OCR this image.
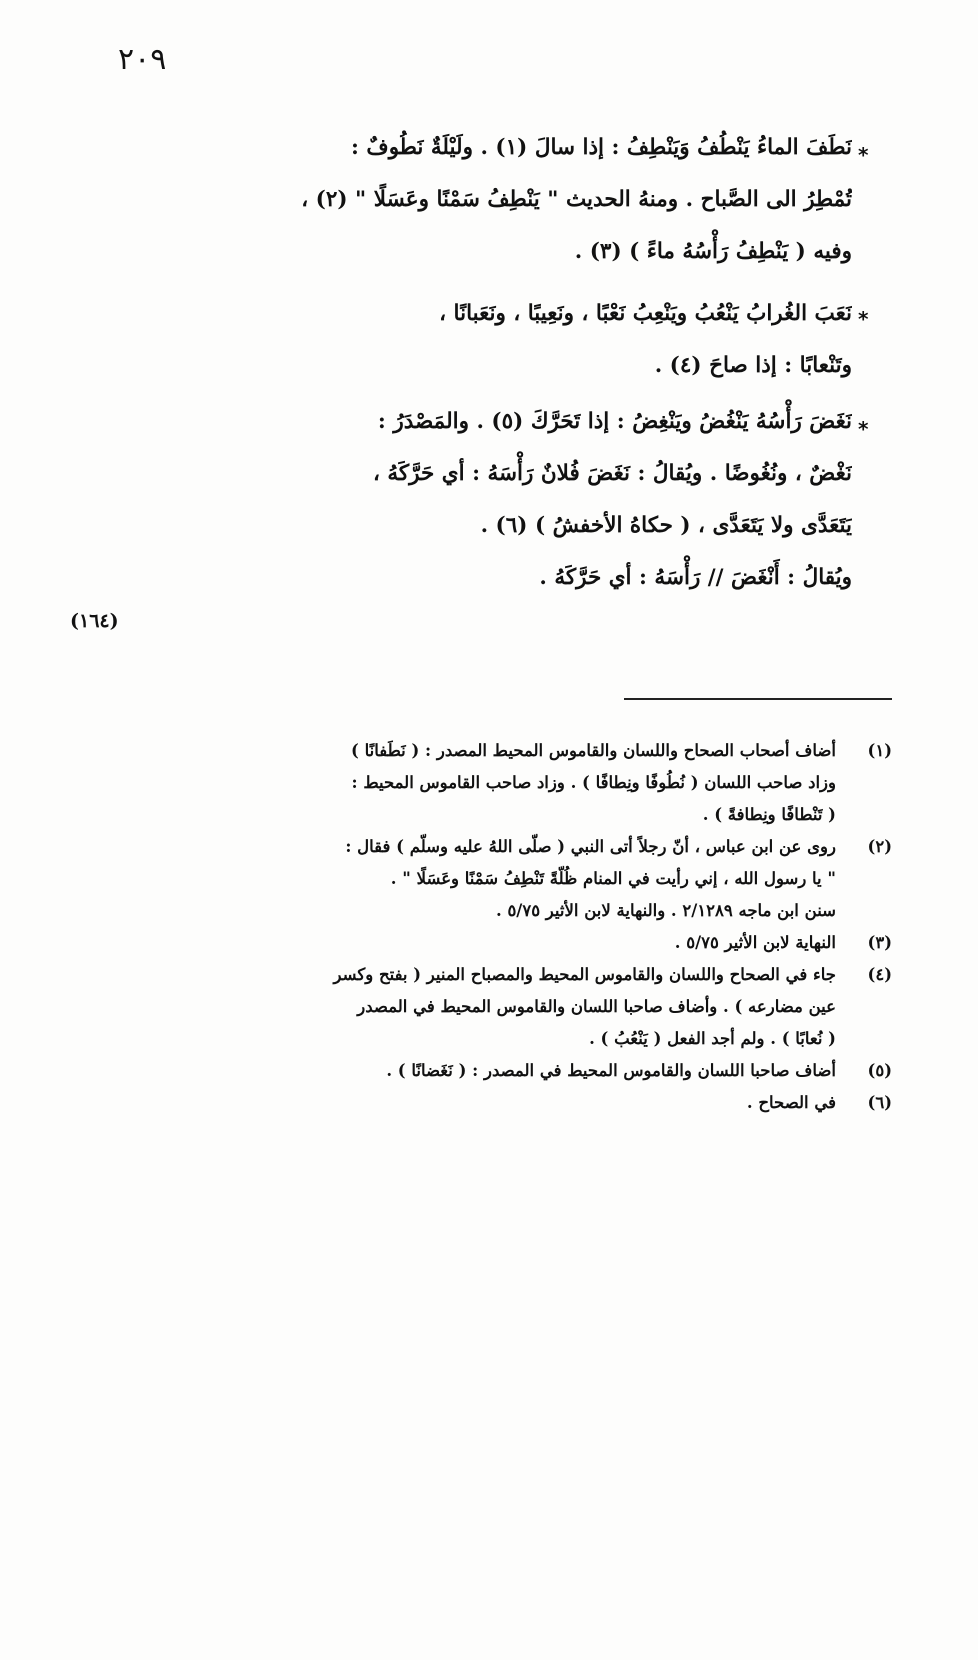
٢٠٩
*
نَطَفَ الماءُ يَنْطُفُ وَيَنْطِفُ : إذا سالَ (١) . ولَيْلَةٌ نَطُوفٌ :
تُمْطِرُ الى الصَّباح . ومنهُ الحديث " يَنْطِفُ سَمْنًا وعَسَلًا " (٢) ،
وفيه ( يَنْطِفُ رَأْسُهُ ماءً ) (٣) .
*
نَعَبَ الغُرابُ يَنْعُبُ ويَنْعِبُ نَعْبًا ، ونَعِيبًا ، ونَعَبانًا ،
وتَنْعابًا : إذا صاحَ (٤) .
*
نَغَضَ رَأْسُهُ يَنْغُضُ ويَنْغِضُ : إذا تَحَرَّكَ (٥) . والمَصْدَرُ :
نَغْضٌ ، ونُغُوضًا . ويُقالُ : نَغَضَ فُلانٌ رَأْسَهُ : أي حَرَّكَهُ ،
يَتَعَدَّى ولا يَتَعَدَّى ، ( حكاهُ الأخفشُ ) (٦) .
ويُقالُ : أَنْغَضَ // رَأْسَهُ : أي حَرَّكَهُ .
(١٦٤)
(١)
أضاف أصحاب الصحاح واللسان والقاموس المحيط المصدر : ( نَطَفانًا )
وزاد صاحب اللسان ( نُطُوفًا ونِطافًا ) . وزاد صاحب القاموس المحيط :
( تَنْطافًا ونِطافةً ) .
(٢)
روى عن ابن عباس ، أنّ رجلاً أتى النبي ( صلّى اللهُ عليه وسلّم ) فقال :
" يا رسول الله ، إني رأيت في المنام ظُلّةً تَنْطِفُ سَمْنًا وعَسَلًا " .
سنن ابن ماجه ٢/١٢٨٩ . والنهاية لابن الأثير ٥/٧٥ .
(٣)
النهاية لابن الأثير ٥/٧٥ .
(٤)
جاء في الصحاح واللسان والقاموس المحيط والمصباح المنير ( بفتح وكسر
عين مضارعه ) . وأضاف صاحبا اللسان والقاموس المحيط في المصدر
( نُعابًا ) . ولم أجد الفعل ( يَنْعُبُ ) .
(٥)
أضاف صاحبا اللسان والقاموس المحيط في المصدر : ( نَغَضانًا ) .
(٦)
في الصحاح .
